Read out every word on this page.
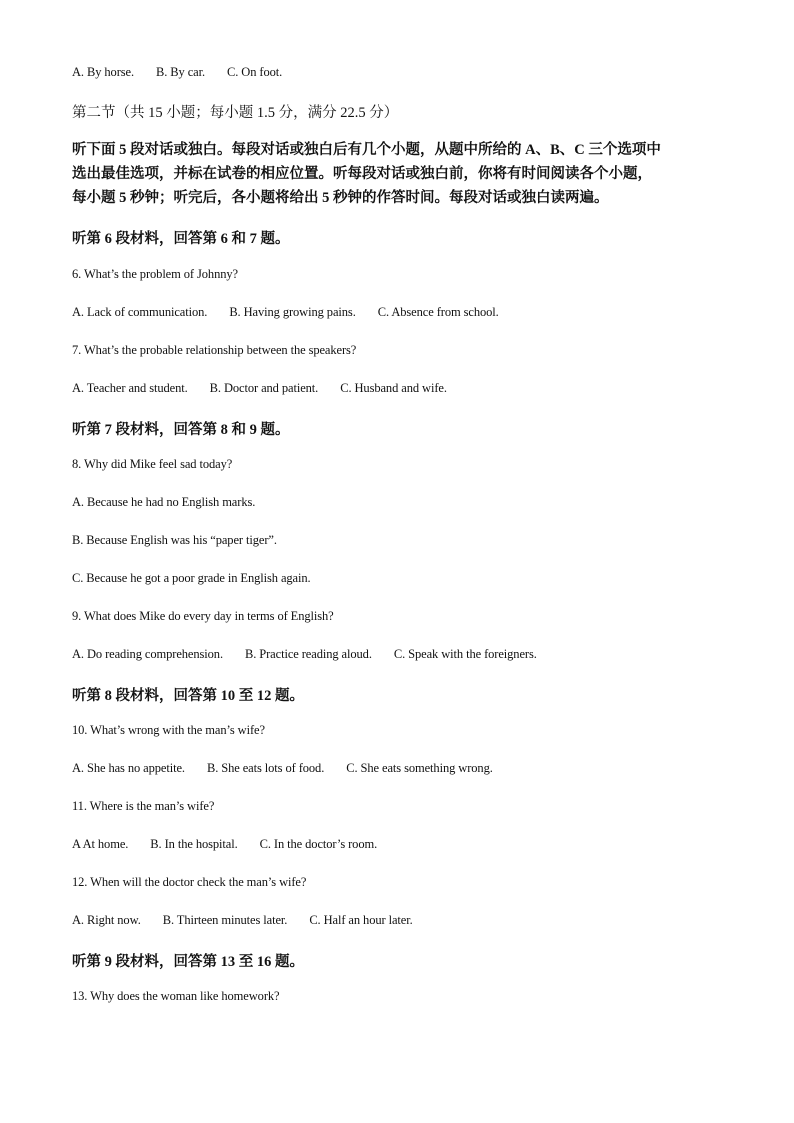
A. By horse. B. By car. C. On foot.
第二节（共 15 小题；每小题 1.5 分，满分 22.5 分）
听下面 5 段对话或独白。每段对话或独白后有几个小题，从题中所给的 A、B、C 三个选项中
选出最佳选项，并标在试卷的相应位置。听每段对话或独白前，你将有时间阅读各个小题，
每小题 5 秒钟；听完后，各小题将给出 5 秒钟的作答时间。每段对话或独白读两遍。
听第 6 段材料，回答第 6 和 7 题。
6. What’s the problem of Johnny?
A. Lack of communication. B. Having growing pains. C. Absence from school.
7. What’s the probable relationship between the speakers?
A. Teacher and student. B. Doctor and patient. C. Husband and wife.
听第 7 段材料，回答第 8 和 9 题。
8. Why did Mike feel sad today?
A. Because he had no English marks.
B. Because English was his “paper tiger”.
C. Because he got a poor grade in English again.
9. What does Mike do every day in terms of English?
A. Do reading comprehension. B. Practice reading aloud. C. Speak with the foreigners.
听第 8 段材料，回答第 10 至 12 题。
10. What’s wrong with the man’s wife?
A. She has no appetite. B. She eats lots of food. C. She eats something wrong.
11. Where is the man’s wife?
A At home. B. In the hospital. C. In the doctor’s room.
12. When will the doctor check the man’s wife?
A. Right now. B. Thirteen minutes later. C. Half an hour later.
听第 9 段材料，回答第 13 至 16 题。
13. Why does the woman like homework?
